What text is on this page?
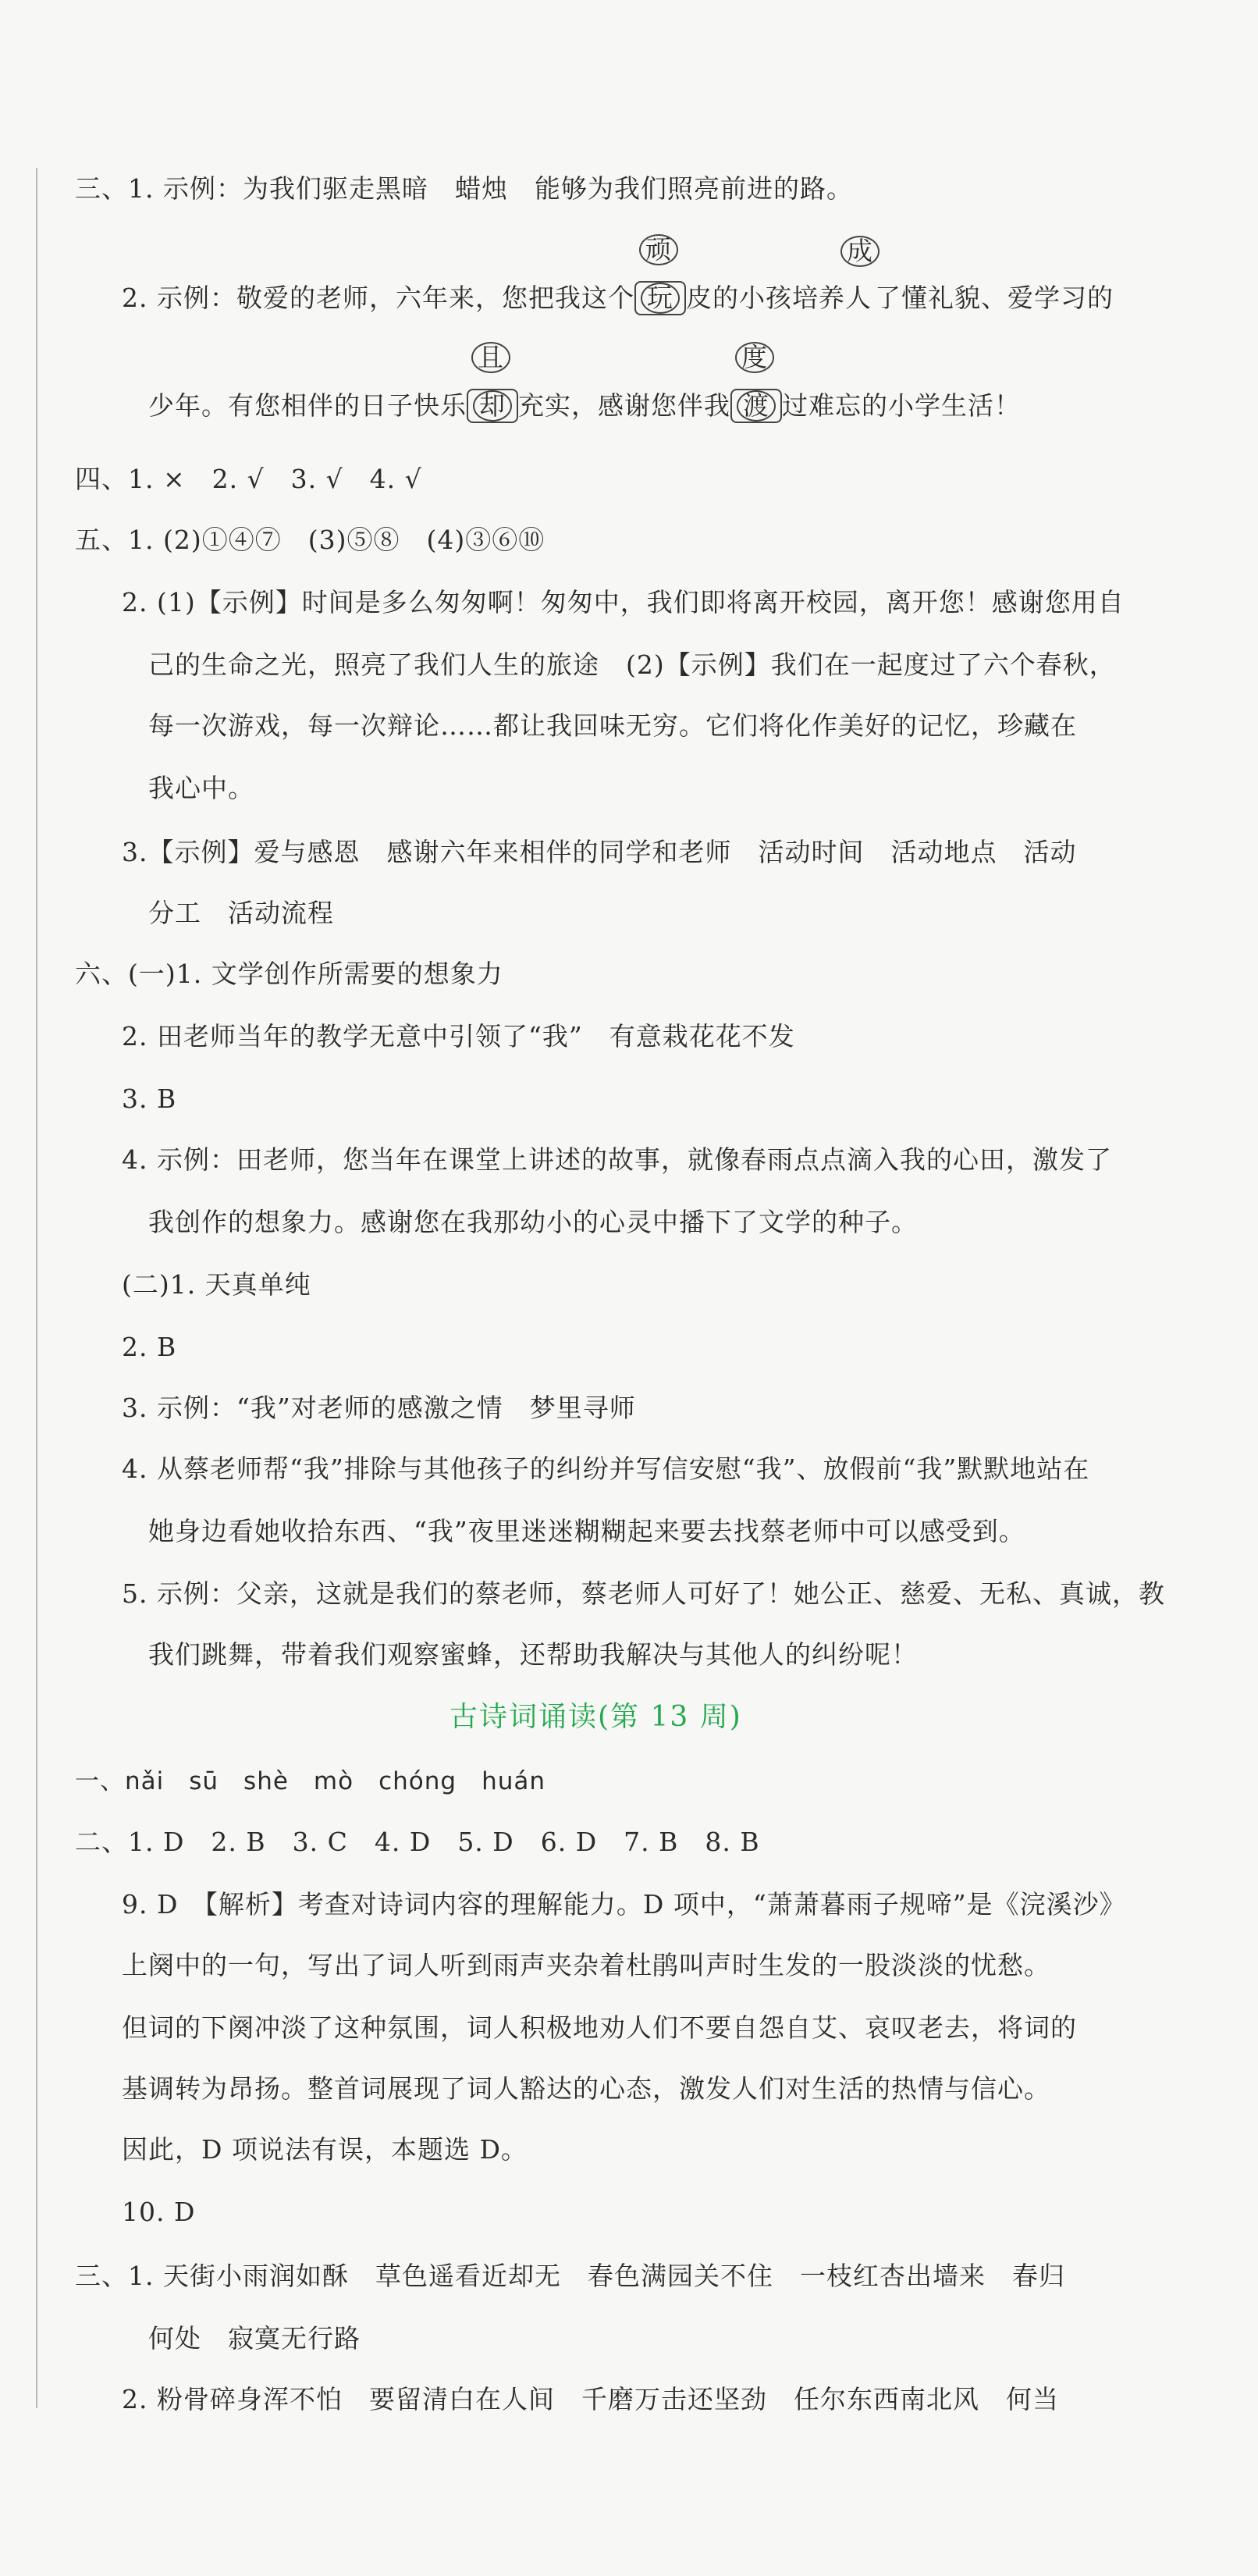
三、1. 示例：为我们驱走黑暗　蜡烛　能够为我们照亮前进的路。
2. 示例：敬爱的老师，六年来，您把我这个
顽
玩 皮的小孩培养
成
人 了懂礼貌、爱学习的
少年。有您相伴的日子快乐
且
却 充实，感谢您伴我
度
渡 过难忘的小学生活！
四、1. ×　2. √　3. √　4. √
五、1. (2)①④⑦　(3)⑤⑧　(4)③⑥⑩
2. (1)【示例】时间是多么匆匆啊！匆匆中，我们即将离开校园，离开您！感谢您用自
己的生命之光，照亮了我们人生的旅途　(2)【示例】我们在一起度过了六个春秋，
每一次游戏，每一次辩论……都让我回味无穷。它们将化作美好的记忆，珍藏在
我心中。
3.【示例】爱与感恩　感谢六年来相伴的同学和老师　活动时间　活动地点　活动
分工　活动流程
六、(一)1. 文学创作所需要的想象力
2. 田老师当年的教学无意中引领了“我”　有意栽花花不发
3. B
4. 示例：田老师，您当年在课堂上讲述的故事，就像春雨点点滴入我的心田，激发了
我创作的想象力。感谢您在我那幼小的心灵中播下了文学的种子。
(二)1. 天真单纯
2. B
3. 示例：“我”对老师的感激之情　梦里寻师
4. 从蔡老师帮“我”排除与其他孩子的纠纷并写信安慰“我”、放假前“我”默默地站在
她身边看她收拾东西、“我”夜里迷迷糊糊起来要去找蔡老师中可以感受到。
5. 示例：父亲，这就是我们的蔡老师，蔡老师人可好了！她公正、慈爱、无私、真诚，教
我们跳舞，带着我们观察蜜蜂，还帮助我解决与其他人的纠纷呢！
古诗词诵读(第 13 周)
一、nǎi　sū　shè　mò　chóng　huán
二、1. D　2. B　3. C　4. D　5. D　6. D　7. B　8. B
9. D　【解析】考查对诗词内容的理解能力。D 项中，“萧萧暮雨子规啼”是《浣溪沙》
上阕中的一句，写出了词人听到雨声夹杂着杜鹃叫声时生发的一股淡淡的忧愁。
但词的下阕冲淡了这种氛围，词人积极地劝人们不要自怨自艾、哀叹老去，将词的
基调转为昂扬。整首词展现了词人豁达的心态，激发人们对生活的热情与信心。
因此，D 项说法有误，本题选 D。
10. D
三、1. 天街小雨润如酥　草色遥看近却无　春色满园关不住　一枝红杏出墙来　春归
何处　寂寞无行路
2. 粉骨碎身浑不怕　要留清白在人间　千磨万击还坚劲　任尔东西南北风　何当
